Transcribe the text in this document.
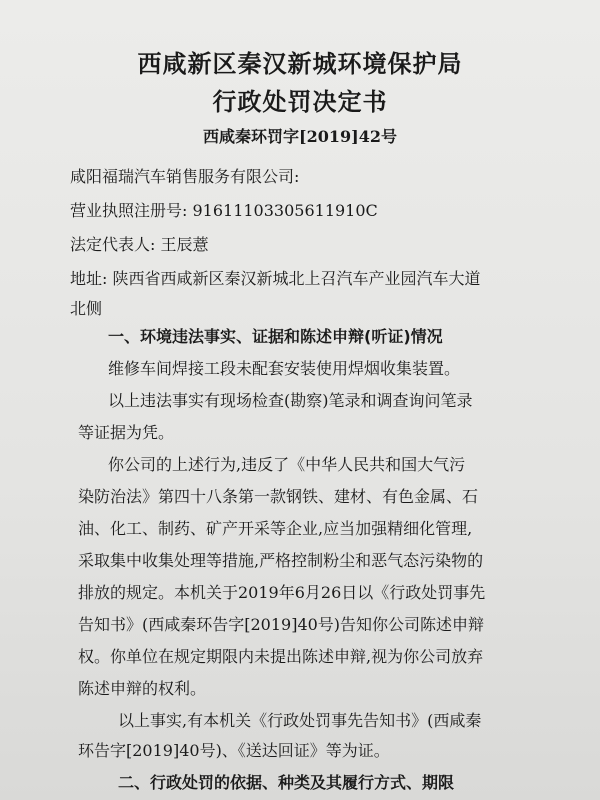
西咸新区秦汉新城环境保护局
行政处罚决定书
西咸秦环罚字[2019]42号
咸阳福瑞汽车销售服务有限公司:
营业执照注册号: 91611103305611910C
法定代表人: 王辰薏
地址: 陕西省西咸新区秦汉新城北上召汽车产业园汽车大道
北侧
一、环境违法事实、证据和陈述申辩(听证)情况
维修车间焊接工段未配套安装使用焊烟收集装置。
以上违法事实有现场检查(勘察)笔录和调查询问笔录
等证据为凭。
你公司的上述行为,违反了《中华人民共和国大气污
染防治法》第四十八条第一款钢铁、建材、有色金属、石
油、化工、制药、矿产开采等企业,应当加强精细化管理,
采取集中收集处理等措施,严格控制粉尘和恶气态污染物的
排放的规定。本机关于2019年6月26日以《行政处罚事先
告知书》(西咸秦环告字[2019]40号)告知你公司陈述申辩
权。你单位在规定期限内未提出陈述申辩,视为你公司放弃
陈述申辩的权利。
以上事实,有本机关《行政处罚事先告知书》(西咸秦
环告字[2019]40号)、《送达回证》等为证。
二、行政处罚的依据、种类及其履行方式、期限
